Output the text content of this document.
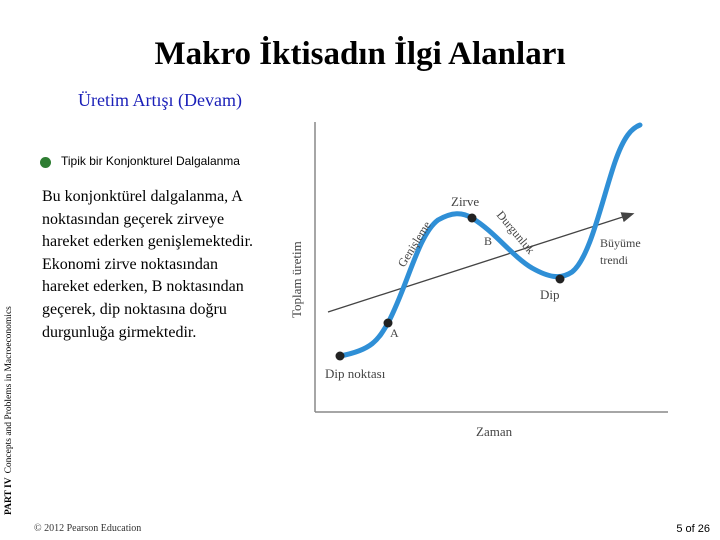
Makro İktisadın İlgi Alanları
Üretim Artışı (Devam)
Tipik bir Konjonkturel Dalgalanma
Bu konjonktürel dalgalanma, A noktasından geçerek zirveye hareket ederken genişlemektedir. Ekonomi zirve noktasından hareket ederken, B noktasından geçerek, dip noktasına doğru durgunluğa girmektedir.
PART IVConcepts and Problems in Macroeconomics
Toplam üretim
Zaman
Zirve
Genişleme	Durgunluk
B
A
Dip
Dip noktası
Büyüme
trendi
© 2012 Pearson Education	5 of 26
